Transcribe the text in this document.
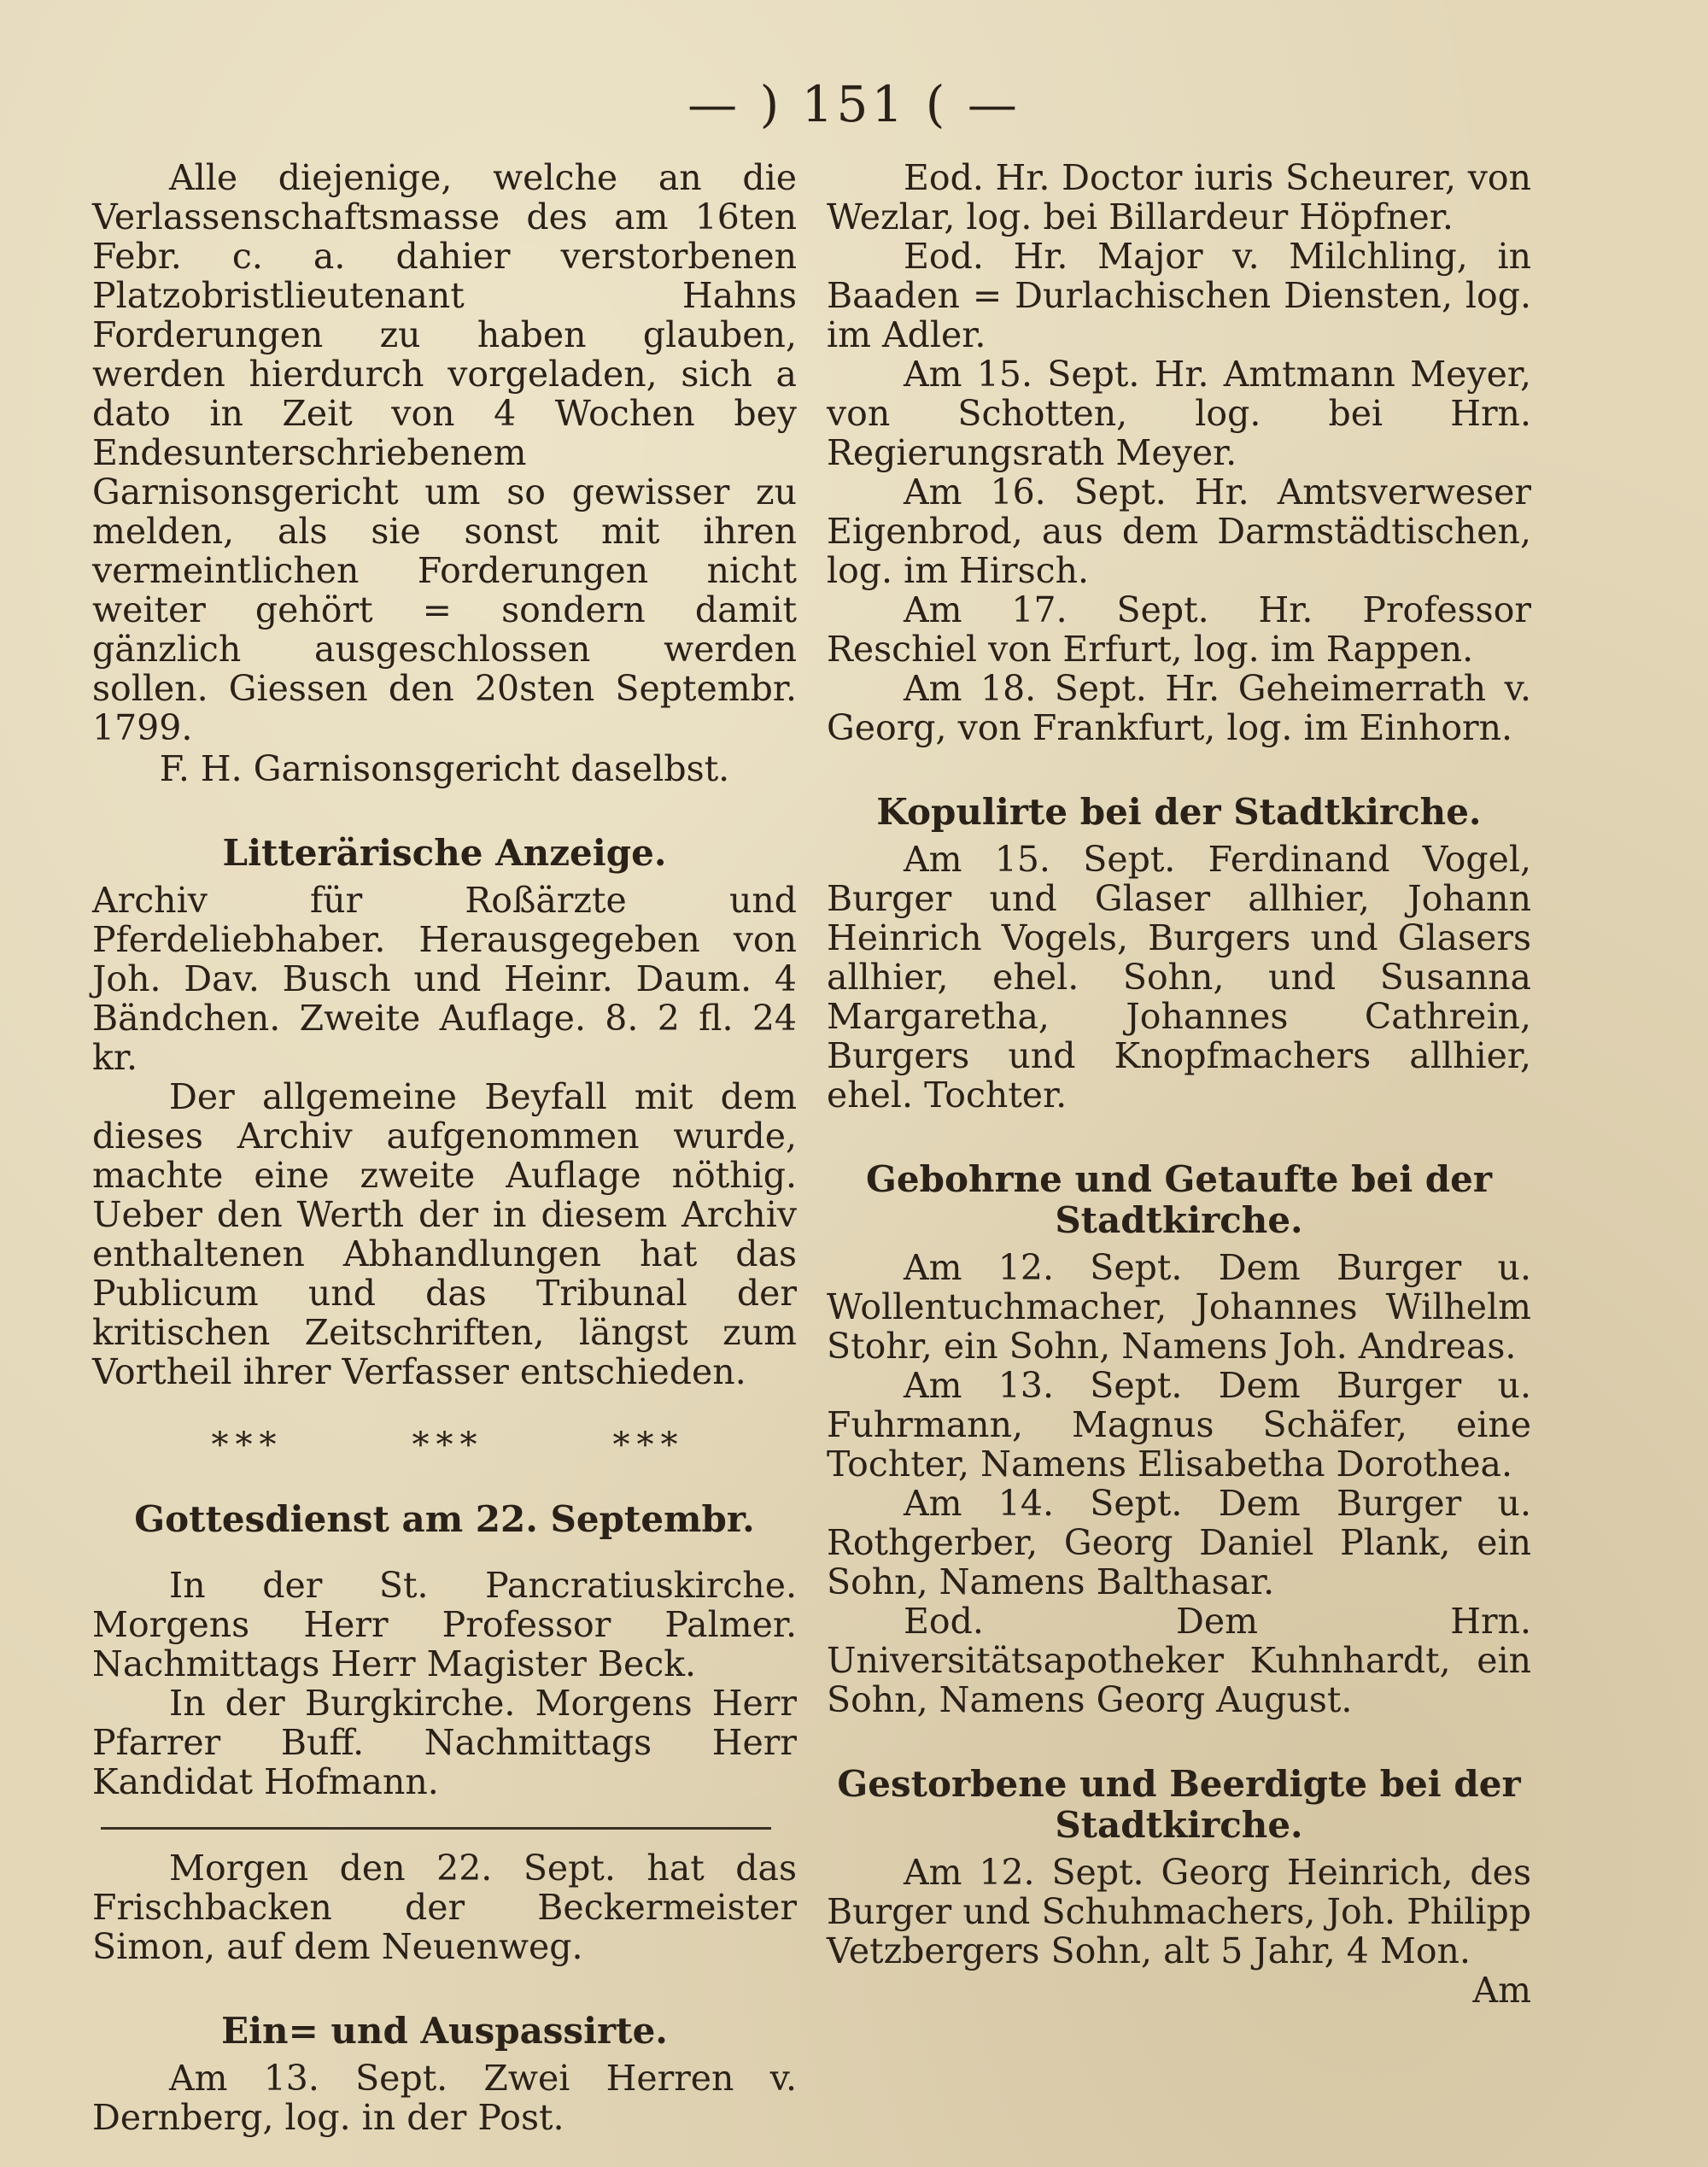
— ) 151 ( —

Alle diejenige, welche an die Verlassenschaftsmasse des am 16ten Febr. c. a. dahier verstorbenen Platzobristlieutenant Hahns Forderungen zu haben glauben, werden hierdurch vorgeladen, sich a dato in Zeit von 4 Wochen bey Endesunterschriebenem Garnisonsgericht um so gewisser zu melden, als sie sonst mit ihren vermeintlichen Forderungen nicht weiter gehört = sondern damit gänzlich ausgeschlossen werden sollen. Giessen den 20sten Septembr. 1799.

F. H. Garnisonsgericht daselbst.

Litterärische Anzeige.

Archiv für Roßärzte und Pferdeliebhaber. Herausgegeben von Joh. Dav. Busch und Heinr. Daum. 4 Bändchen. Zweite Auflage. 8. 2 fl. 24 kr.

Der allgemeine Beyfall mit dem dieses Archiv aufgenommen wurde, machte eine zweite Auflage nöthig. Ueber den Werth der in diesem Archiv enthaltenen Abhandlungen hat das Publicum und das Tribunal der kritischen Zeitschriften, längst zum Vortheil ihrer Verfasser entschieden.

* * *	* * *	* * *

Gottesdienst am 22. Septembr.

In der St. Pancratiuskirche. Morgens Herr Professor Palmer. Nachmittags Herr Magister Beck.

In der Burgkirche. Morgens Herr Pfarrer Buff. Nachmittags Herr Kandidat Hofmann.

Morgen den 22. Sept. hat das Frischbacken der Beckermeister Simon, auf dem Neuenweg.

Ein= und Auspassirte.

Am 13. Sept. Zwei Herren v. Dernberg, log. in der Post.

Eod. Hr. Doctor iuris Scheurer, von Wezlar, log. bei Billardeur Höpfner.

Eod. Hr. Major v. Milchling, in Baaden = Durlachischen Diensten, log. im Adler.

Am 15. Sept. Hr. Amtmann Meyer, von Schotten, log. bei Hrn. Regierungsrath Meyer.

Am 16. Sept. Hr. Amtsverweser Eigenbrod, aus dem Darmstädtischen, log. im Hirsch.

Am 17. Sept. Hr. Professor Reschiel von Erfurt, log. im Rappen.

Am 18. Sept. Hr. Geheimerrath v. Georg, von Frankfurt, log. im Einhorn.

Kopulirte bei der Stadtkirche.

Am 15. Sept. Ferdinand Vogel, Burger und Glaser allhier, Johann Heinrich Vogels, Burgers und Glasers allhier, ehel. Sohn, und Susanna Margaretha, Johannes Cathrein, Burgers und Knopfmachers allhier, ehel. Tochter.

Gebohrne und Getaufte bei der Stadtkirche.

Am 12. Sept. Dem Burger u. Wollentuchmacher, Johannes Wilhelm Stohr, ein Sohn, Namens Joh. Andreas.

Am 13. Sept. Dem Burger u. Fuhrmann, Magnus Schäfer, eine Tochter, Namens Elisabetha Dorothea.

Am 14. Sept. Dem Burger u. Rothgerber, Georg Daniel Plank, ein Sohn, Namens Balthasar.

Eod. Dem Hrn. Universitätsapotheker Kuhnhardt, ein Sohn, Namens Georg August.

Gestorbene und Beerdigte bei der Stadtkirche.

Am 12. Sept. Georg Heinrich, des Burger und Schuhmachers, Joh. Philipp Vetzbergers Sohn, alt 5 Jahr, 4 Mon.

Am
